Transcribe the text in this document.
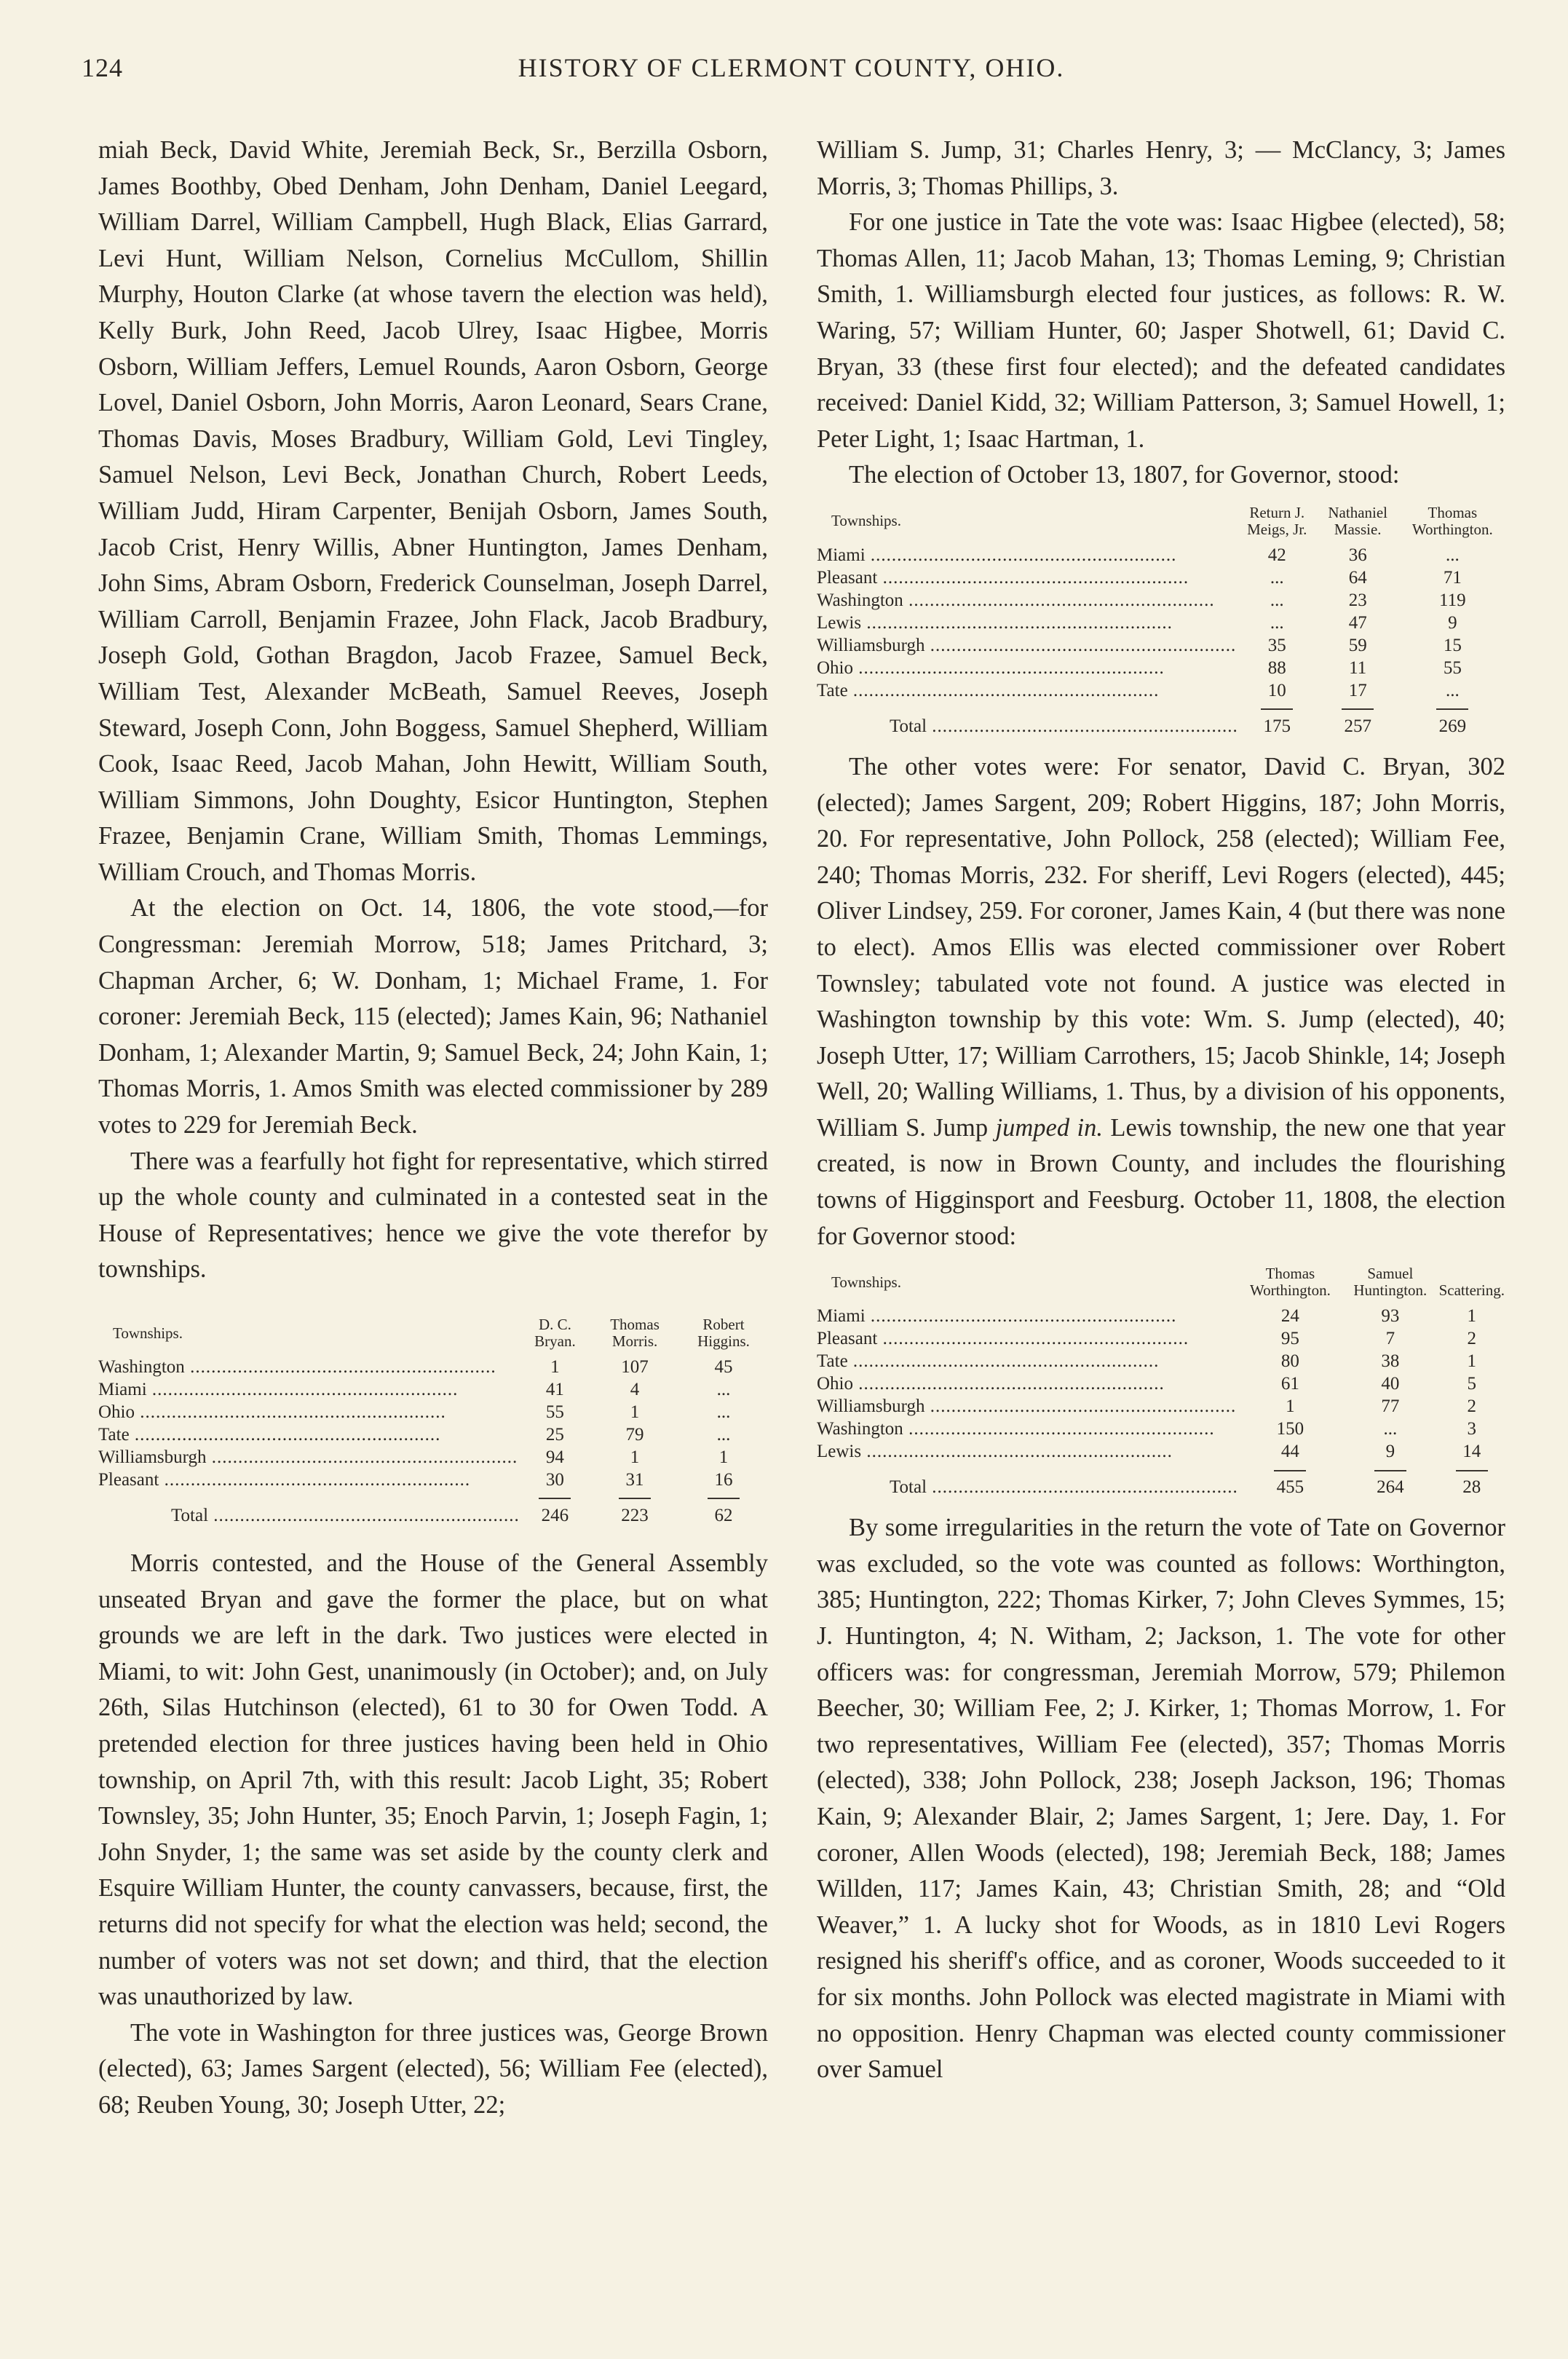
124	HISTORY OF CLERMONT COUNTY, OHIO.

miah Beck, David White, Jeremiah Beck, Sr., Berzilla Osborn, James Boothby, Obed Denham, John Denham, Daniel Leegard, William Darrel, William Campbell, Hugh Black, Elias Garrard, Levi Hunt, William Nelson, Cornelius McCullom, Shillin Murphy, Houton Clarke (at whose tavern the election was held), Kelly Burk, John Reed, Jacob Ulrey, Isaac Higbee, Morris Osborn, William Jeffers, Lemuel Rounds, Aaron Osborn, George Lovel, Daniel Osborn, John Morris, Aaron Leonard, Sears Crane, Thomas Davis, Moses Bradbury, William Gold, Levi Tingley, Samuel Nelson, Levi Beck, Jonathan Church, Robert Leeds, William Judd, Hiram Carpenter, Benijah Osborn, James South, Jacob Crist, Henry Willis, Abner Huntington, James Denham, John Sims, Abram Osborn, Frederick Counselman, Joseph Darrel, William Carroll, Benjamin Frazee, John Flack, Jacob Bradbury, Joseph Gold, Gothan Bragdon, Jacob Frazee, Samuel Beck, William Test, Alexander McBeath, Samuel Reeves, Joseph Steward, Joseph Conn, John Boggess, Samuel Shepherd, William Cook, Isaac Reed, Jacob Mahan, John Hewitt, William South, William Simmons, John Doughty, Esicor Huntington, Stephen Frazee, Benjamin Crane, William Smith, Thomas Lemmings, William Crouch, and Thomas Morris.

At the election on Oct. 14, 1806, the vote stood,—for Congressman: Jeremiah Morrow, 518; James Pritchard, 3; Chapman Archer, 6; W. Donham, 1; Michael Frame, 1. For coroner: Jeremiah Beck, 115 (elected); James Kain, 96; Nathaniel Donham, 1; Alexander Martin, 9; Samuel Beck, 24; John Kain, 1; Thomas Morris, 1. Amos Smith was elected commissioner by 289 votes to 229 for Jeremiah Beck.

There was a fearfully hot fight for representative, which stirred up the whole county and culminated in a contested seat in the House of Representatives; hence we give the vote therefor by townships.

Townships.	D. C. Bryan.	Thomas Morris.	Robert Higgins.
Washington .....	1	107	45
Miami .....	41	4	...
Ohio .....	55	1	...
Tate .....	25	79	...
Williamsburgh .....	94	1	1
Pleasant .....	30	31	16

Total .....	246	223	62

Morris contested, and the House of the General Assembly unseated Bryan and gave the former the place, but on what grounds we are left in the dark. Two justices were elected in Miami, to wit: John Gest, unanimously (in October); and, on July 26th, Silas Hutchinson (elected), 61 to 30 for Owen Todd. A pretended election for three justices having been held in Ohio township, on April 7th, with this result: Jacob Light, 35; Robert Townsley, 35; John Hunter, 35; Enoch Parvin, 1; Joseph Fagin, 1; John Snyder, 1; the same was set aside by the county clerk and Esquire William Hunter, the county canvassers, because, first, the returns did not specify for what the election was held; second, the number of voters was not set down; and third, that the election was unauthorized by law.

The vote in Washington for three justices was, George Brown (elected), 63; James Sargent (elected), 56; William Fee (elected), 68; Reuben Young, 30; Joseph Utter, 22;

William S. Jump, 31; Charles Henry, 3; — McClancy, 3; James Morris, 3; Thomas Phillips, 3.

For one justice in Tate the vote was: Isaac Higbee (elected), 58; Thomas Allen, 11; Jacob Mahan, 13; Thomas Leming, 9; Christian Smith, 1. Williamsburgh elected four justices, as follows: R. W. Waring, 57; William Hunter, 60; Jasper Shotwell, 61; David C. Bryan, 33 (these first four elected); and the defeated candidates received: Daniel Kidd, 32; William Patterson, 3; Samuel Howell, 1; Peter Light, 1; Isaac Hartman, 1.

The election of October 13, 1807, for Governor, stood:

Townships.	Return J. Meigs, Jr.	Nathaniel Massie.	Thomas Worthington.
Miami .....	42	36	...
Pleasant .....	...	64	71
Washington .....	...	23	119
Lewis .....	...	47	9
Williamsburgh .....	35	59	15
Ohio .....	88	11	55
Tate .....	10	17	...

Total .....	175	257	269

The other votes were: For senator, David C. Bryan, 302 (elected); James Sargent, 209; Robert Higgins, 187; John Morris, 20. For representative, John Pollock, 258 (elected); William Fee, 240; Thomas Morris, 232. For sheriff, Levi Rogers (elected), 445; Oliver Lindsey, 259. For coroner, James Kain, 4 (but there was none to elect). Amos Ellis was elected commissioner over Robert Townsley; tabulated vote not found. A justice was elected in Washington township by this vote: Wm. S. Jump (elected), 40; Joseph Utter, 17; William Carrothers, 15; Jacob Shinkle, 14; Joseph Well, 20; Walling Williams, 1. Thus, by a division of his opponents, William S. Jump jumped in. Lewis township, the new one that year created, is now in Brown County, and includes the flourishing towns of Higginsport and Feesburg. October 11, 1808, the election for Governor stood:

Townships.	Thomas Worthington.	Samuel Huntington.	Scattering.
Miami .....	24	93	1
Pleasant .....	95	7	2
Tate .....	80	38	1
Ohio .....	61	40	5
Williamsburgh .....	1	77	2
Washington .....	150	...	3
Lewis .....	44	9	14

Total .....	455	264	28

By some irregularities in the return the vote of Tate on Governor was excluded, so the vote was counted as follows: Worthington, 385; Huntington, 222; Thomas Kirker, 7; John Cleves Symmes, 15; J. Huntington, 4; N. Witham, 2; Jackson, 1. The vote for other officers was: for congressman, Jeremiah Morrow, 579; Philemon Beecher, 30; William Fee, 2; J. Kirker, 1; Thomas Morrow, 1. For two representatives, William Fee (elected), 357; Thomas Morris (elected), 338; John Pollock, 238; Joseph Jackson, 196; Thomas Kain, 9; Alexander Blair, 2; James Sargent, 1; Jere. Day, 1. For coroner, Allen Woods (elected), 198; Jeremiah Beck, 188; James Willden, 117; James Kain, 43; Christian Smith, 28; and “Old Weaver,” 1. A lucky shot for Woods, as in 1810 Levi Rogers resigned his sheriff's office, and as coroner, Woods succeeded to it for six months. John Pollock was elected magistrate in Miami with no opposition. Henry Chapman was elected county commissioner over Samuel
